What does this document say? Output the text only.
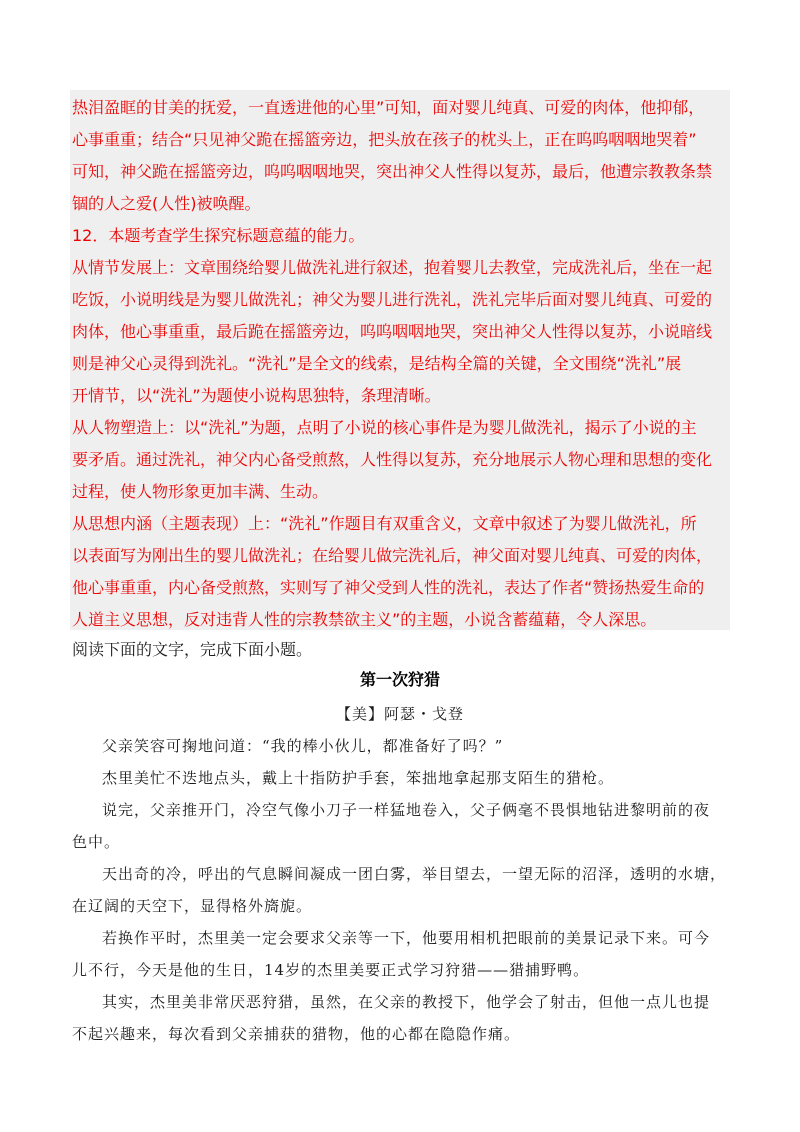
热泪盈眶的甘美的抚爱，一直透进他的心里”可知，面对婴儿纯真、可爱的肉体，他抑郁，
心事重重；结合“只见神父跪在摇篮旁边，把头放在孩子的枕头上，正在呜呜咽咽地哭着”
可知，神父跪在摇篮旁边，呜呜咽咽地哭，突出神父人性得以复苏，最后，他遭宗教教条禁
锢的人之爱(人性)被唤醒。
12．本题考查学生探究标题意蕴的能力。
从情节发展上：文章围绕给婴儿做洗礼进行叙述，抱着婴儿去教堂，完成洗礼后，坐在一起
吃饭，小说明线是为婴儿做洗礼；神父为婴儿进行洗礼，洗礼完毕后面对婴儿纯真、可爱的
肉体，他心事重重，最后跪在摇篮旁边，呜呜咽咽地哭，突出神父人性得以复苏，小说暗线
则是神父心灵得到洗礼。“洗礼”是全文的线索，是结构全篇的关键，全文围绕“洗礼”展
开情节，以“洗礼”为题使小说构思独特，条理清晰。
从人物塑造上：以“洗礼”为题，点明了小说的核心事件是为婴儿做洗礼，揭示了小说的主
要矛盾。通过洗礼，神父内心备受煎熬，人性得以复苏，充分地展示人物心理和思想的变化
过程，使人物形象更加丰满、生动。
从思想内涵（主题表现）上：“洗礼”作题目有双重含义，文章中叙述了为婴儿做洗礼，所
以表面写为刚出生的婴儿做洗礼；在给婴儿做完洗礼后，神父面对婴儿纯真、可爱的肉体，
他心事重重，内心备受煎熬，实则写了神父受到人性的洗礼，表达了作者“赞扬热爱生命的
人道主义思想，反对违背人性的宗教禁欲主义”的主题，小说含蓄蕴藉，令人深思。
阅读下面的文字，完成下面小题。
第一次狩猎
【美】阿瑟・戈登
父亲笑容可掬地问道：“我的棒小伙儿，都准备好了吗？”
杰里美忙不迭地点头，戴上十指防护手套，笨拙地拿起那支陌生的猎枪。
说完，父亲推开门，冷空气像小刀子一样猛地卷入，父子俩毫不畏惧地钻进黎明前的夜
色中。
天出奇的冷，呼出的气息瞬间凝成一团白雾，举目望去，一望无际的沼泽，透明的水塘，
在辽阔的天空下，显得格外旖旎。
若换作平时，杰里美一定会要求父亲等一下，他要用相机把眼前的美景记录下来。可今
儿不行，今天是他的生日，14岁的杰里美要正式学习狩猎——猎捕野鸭。
其实，杰里美非常厌恶狩猎，虽然，在父亲的教授下，他学会了射击，但他一点儿也提
不起兴趣来，每次看到父亲捕获的猎物，他的心都在隐隐作痛。
